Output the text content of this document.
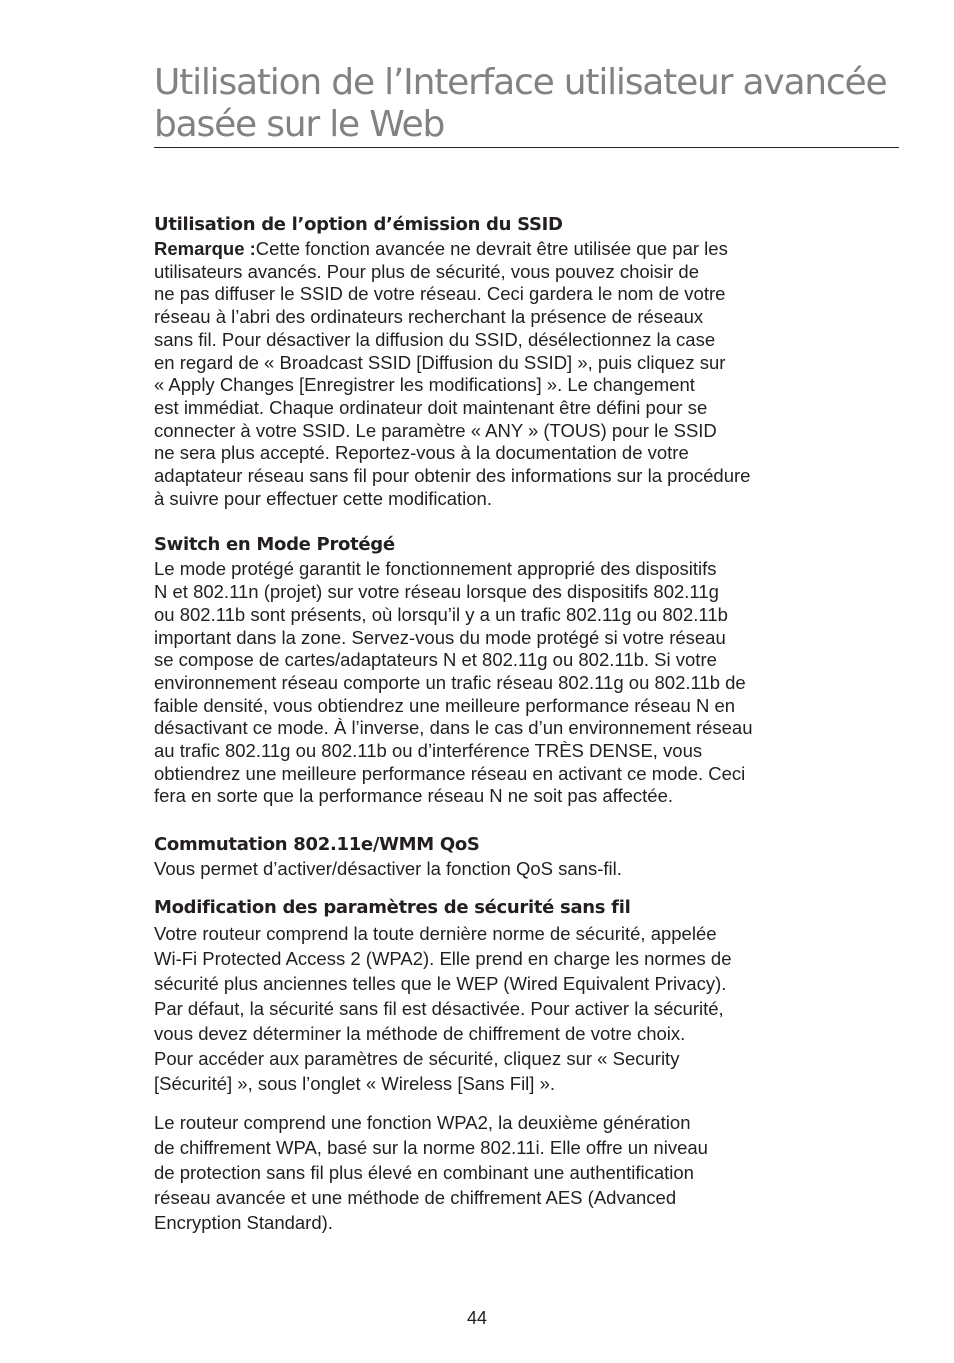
Utilisation de l’Interface utilisateur avancée
basée sur le Web
Utilisation de l’option d’émission du SSID

Remarque :Cette fonction avancée ne devrait être utilisée que par les
utilisateurs avancés. Pour plus de sécurité, vous pouvez choisir de
ne pas diffuser le SSID de votre réseau. Ceci gardera le nom de votre
réseau à l’abri des ordinateurs recherchant la présence de réseaux
sans fil. Pour désactiver la diffusion du SSID, désélectionnez la case
en regard de « Broadcast SSID [Diffusion du SSID] », puis cliquez sur
« Apply Changes [Enregistrer les modifications] ». Le changement
est immédiat. Chaque ordinateur doit maintenant être défini pour se
connecter à votre SSID. Le paramètre « ANY » (TOUS) pour le SSID
ne sera plus accepté. Reportez-vous à la documentation de votre
adaptateur réseau sans fil pour obtenir des informations sur la procédure
à suivre pour effectuer cette modification.

Switch en Mode Protégé

Le mode protégé garantit le fonctionnement approprié des dispositifs
N et 802.11n (projet) sur votre réseau lorsque des dispositifs 802.11g
ou 802.11b sont présents, où lorsqu’il y a un trafic 802.11g ou 802.11b
important dans la zone. Servez-vous du mode protégé si votre réseau
se compose de cartes/adaptateurs N et 802.11g ou 802.11b. Si votre
environnement réseau comporte un trafic réseau 802.11g ou 802.11b de
faible densité, vous obtiendrez une meilleure performance réseau N en
désactivant ce mode. À l’inverse, dans le cas d’un environnement réseau
au trafic 802.11g ou 802.11b ou d’interférence TRÈS DENSE, vous
obtiendrez une meilleure performance réseau en activant ce mode. Ceci
fera en sorte que la performance réseau N ne soit pas affectée.

Commutation 802.11e/WMM QoS

Vous permet d’activer/désactiver la fonction QoS sans-fil.

Modification des paramètres de sécurité sans fil

Votre routeur comprend la toute dernière norme de sécurité, appelée
Wi-Fi Protected Access 2 (WPA2). Elle prend en charge les normes de
sécurité plus anciennes telles que le WEP (Wired Equivalent Privacy).
Par défaut, la sécurité sans fil est désactivée. Pour activer la sécurité,
vous devez déterminer la méthode de chiffrement de votre choix.
Pour accéder aux paramètres de sécurité, cliquez sur « Security
[Sécurité] », sous l’onglet « Wireless [Sans Fil] ».

Le routeur comprend une fonction WPA2, la deuxième génération
de chiffrement WPA, basé sur la norme 802.11i. Elle offre un niveau
de protection sans fil plus élevé en combinant une authentification
réseau avancée et une méthode de chiffrement AES (Advanced
Encryption Standard).

44
